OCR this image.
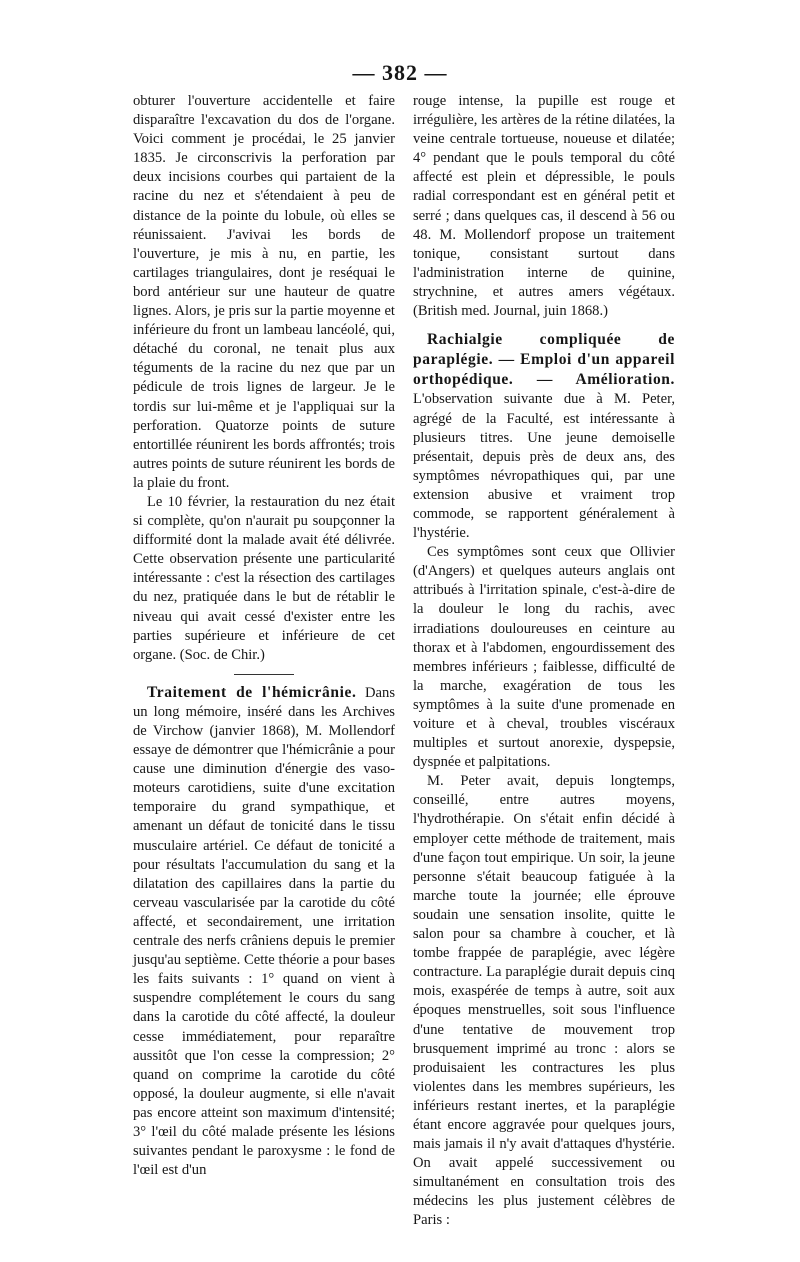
— 382 —

obturer l'ouverture accidentelle et faire disparaître l'excavation du dos de l'organe. Voici comment je procédai, le 25 janvier 1835. Je circonscrivis la perforation par deux incisions courbes qui partaient de la racine du nez et s'étendaient à peu de distance de la pointe du lobule, où elles se réunissaient. J'avivai les bords de l'ouverture, je mis à nu, en partie, les cartilages triangulaires, dont je reséquai le bord antérieur sur une hauteur de quatre lignes. Alors, je pris sur la partie moyenne et inférieure du front un lambeau lancéolé, qui, détaché du coronal, ne tenait plus aux téguments de la racine du nez que par un pédicule de trois lignes de largeur. Je le tordis sur lui-même et je l'appliquai sur la perforation. Quatorze points de suture entortillée réunirent les bords affrontés; trois autres points de suture réunirent les bords de la plaie du front.

Le 10 février, la restauration du nez était si complète, qu'on n'aurait pu soupçonner la difformité dont la malade avait été délivrée. Cette observation présente une particularité intéressante : c'est la résection des cartilages du nez, pratiquée dans le but de rétablir le niveau qui avait cessé d'exister entre les parties supérieure et inférieure de cet organe. (Soc. de Chir.)

Traitement de l'hémicrânie. Dans un long mémoire, inséré dans les Archives de Virchow (janvier 1868), M. Mollendorf essaye de démontrer que l'hémicrânie a pour cause une diminution d'énergie des vaso-moteurs carotidiens, suite d'une excitation temporaire du grand sympathique, et amenant un défaut de tonicité dans le tissu musculaire artériel. Ce défaut de tonicité a pour résultats l'accumulation du sang et la dilatation des capillaires dans la partie du cerveau vascularisée par la carotide du côté affecté, et secondairement, une irritation centrale des nerfs crâniens depuis le premier jusqu'au septième. Cette théorie a pour bases les faits suivants : 1° quand on vient à suspendre complétement le cours du sang dans la carotide du côté affecté, la douleur cesse immédiatement, pour reparaître aussitôt que l'on cesse la compression; 2° quand on comprime la carotide du côté opposé, la douleur augmente, si elle n'avait pas encore atteint son maximum d'intensité; 3° l'œil du côté malade présente les lésions suivantes pendant le paroxysme : le fond de l'œil est d'un

rouge intense, la pupille est rouge et irrégulière, les artères de la rétine dilatées, la veine centrale tortueuse, noueuse et dilatée; 4° pendant que le pouls temporal du côté affecté est plein et dépressible, le pouls radial correspondant est en général petit et serré ; dans quelques cas, il descend à 56 ou 48. M. Mollendorf propose un traitement tonique, consistant surtout dans l'administration interne de quinine, strychnine, et autres amers végétaux. (British med. Journal, juin 1868.)

Rachialgie compliquée de paraplégie. — Emploi d'un appareil orthopédique. — Amélioration. L'observation suivante due à M. Peter, agrégé de la Faculté, est intéressante à plusieurs titres. Une jeune demoiselle présentait, depuis près de deux ans, des symptômes névropathiques qui, par une extension abusive et vraiment trop commode, se rapportent généralement à l'hystérie.

Ces symptômes sont ceux que Ollivier (d'Angers) et quelques auteurs anglais ont attribués à l'irritation spinale, c'est-à-dire de la douleur le long du rachis, avec irradiations douloureuses en ceinture au thorax et à l'abdomen, engourdissement des membres inférieurs ; faiblesse, difficulté de la marche, exagération de tous les symptômes à la suite d'une promenade en voiture et à cheval, troubles viscéraux multiples et surtout anorexie, dyspepsie, dyspnée et palpitations.

M. Peter avait, depuis longtemps, conseillé, entre autres moyens, l'hydrothérapie. On s'était enfin décidé à employer cette méthode de traitement, mais d'une façon tout empirique. Un soir, la jeune personne s'était beaucoup fatiguée à la marche toute la journée; elle éprouve soudain une sensation insolite, quitte le salon pour sa chambre à coucher, et là tombe frappée de paraplégie, avec légère contracture. La paraplégie durait depuis cinq mois, exaspérée de temps à autre, soit aux époques menstruelles, soit sous l'influence d'une tentative de mouvement trop brusquement imprimé au tronc : alors se produisaient les contractures les plus violentes dans les membres supérieurs, les inférieurs restant inertes, et la paraplégie étant encore aggravée pour quelques jours, mais jamais il n'y avait d'attaques d'hystérie. On avait appelé successivement ou simultanément en consultation trois des médecins les plus justement célèbres de Paris :
